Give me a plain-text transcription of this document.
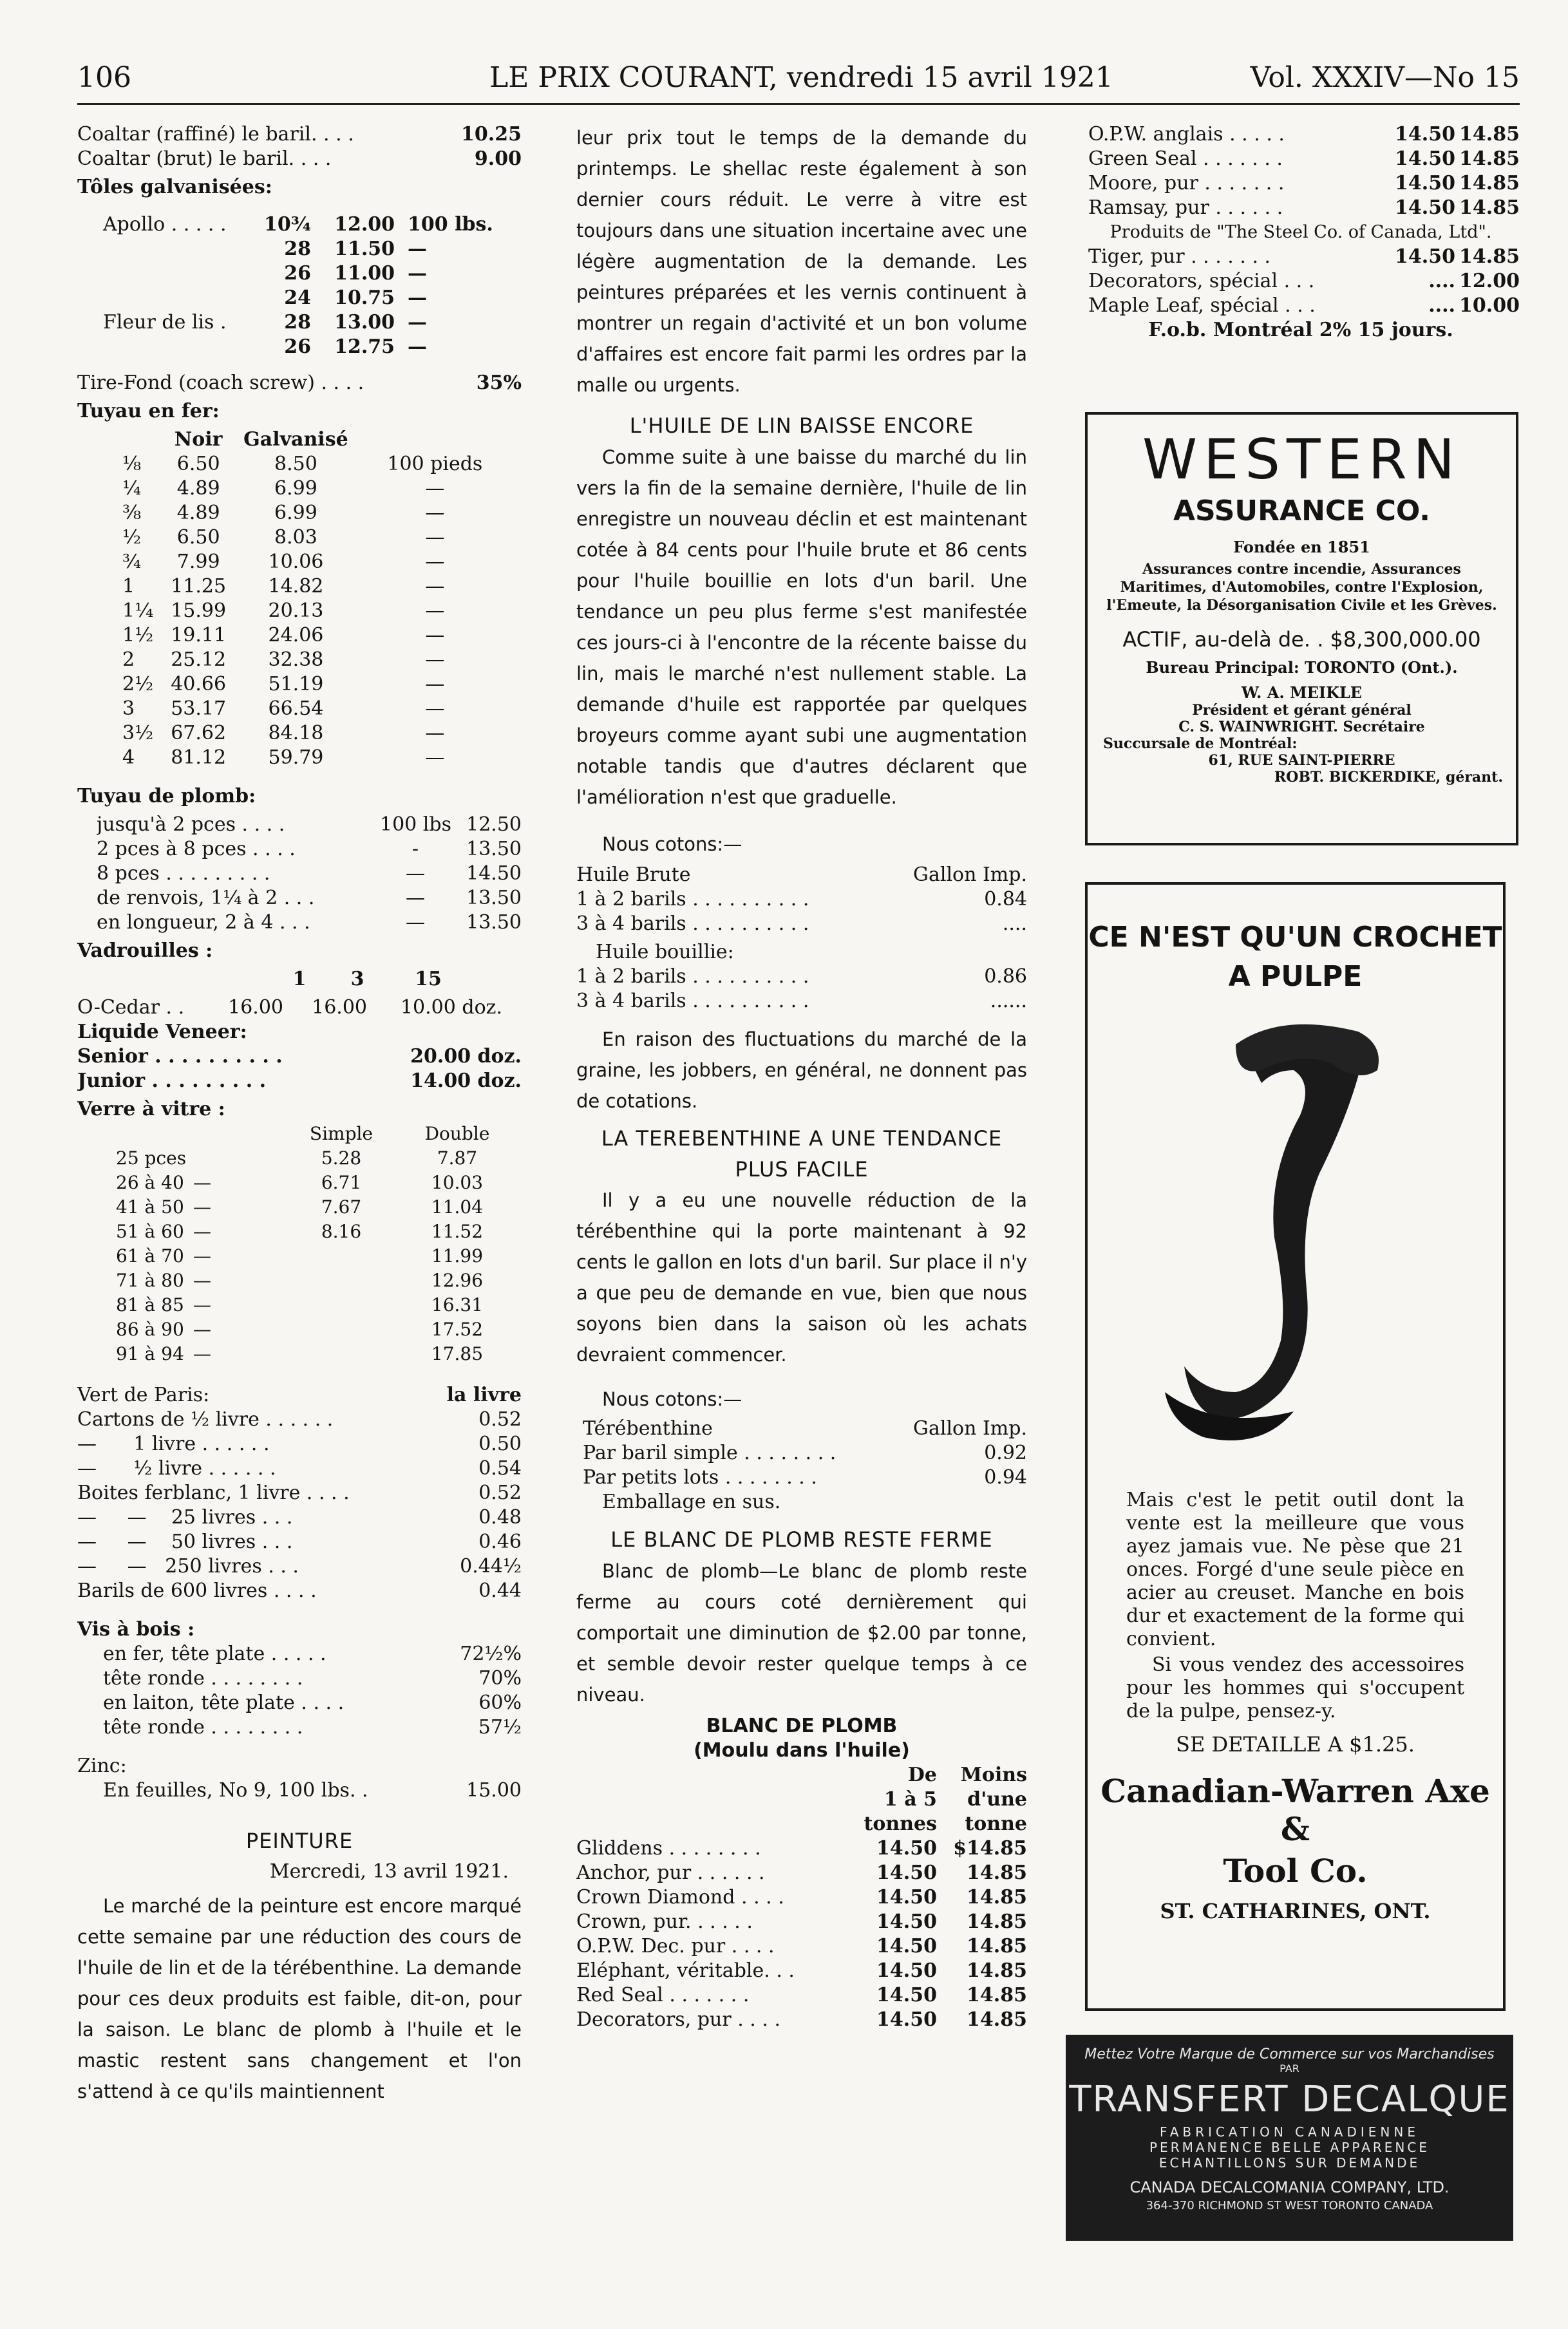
106	LE PRIX COURANT, vendredi 15 avril 1921	Vol. XXXIV—No 15
Coaltar (raffiné) le baril. . . .	10.25
Coaltar (brut) le baril. . . .	9.00
Tôles galvanisées:
Apollo . . . . .	10¾	12.00	100 lbs.
	28	11.50	—
	26	11.00	—
	24	10.75	—
Fleur de lis .	28	13.00	—
	26	12.75	—
Tire-Fond (coach screw) . . . .	35%
Tuyau en fer:
	Noir	Galvanisé	
⅛	6.50	8.50	100 pieds
¼	4.89	6.99	—
⅜	4.89	6.99	—
½	6.50	8.03	—
¾	7.99	10.06	—
1	11.25	14.82	—
1¼	15.99	20.13	—
1½	19.11	24.06	—
2	25.12	32.38	—
2½	40.66	51.19	—
3	53.17	66.54	—
3½	67.62	84.18	—
4	81.12	59.79	—
Tuyau de plomb:
jusqu'à 2 pces . . . .	100 lbs 12.50
2 pces à 8 pces . . . .	-	13.50
8 pces . . . . . . . . .	—	14.50
de renvois, 1¼ à 2 . . .	—	13.50
en longueur, 2 à 4 . . .	—	13.50
Vadrouilles :
1	3	15
O-Cedar . .	16.00	16.00	10.00 doz.
Liquide Veneer:
Senior . . . . . . . . . .	20.00 doz.
Junior . . . . . . . . .	14.00 doz.
Verre à vitre :
		Simple	Double
25 pces		5.28	7.87
26 à 40	—	6.71	10.03
41 à 50	—	7.67	11.04
51 à 60	—	8.16	11.52
61 à 70	—		11.99
71 à 80	—		12.96
81 à 85	—		16.31
86 à 90	—		17.52
91 à 94	—		17.85
Vert de Paris:	la livre
Cartons de ½ livre . . . . . .	0.52
—      1 livre . . . . . .	0.50
—      ½ livre . . . . . .	0.54
Boites ferblanc, 1 livre . . . .	0.52
—     —    25 livres . . .	0.48
—     —    50 livres . . .	0.46
—     —   250 livres . . .	0.44½
Barils de 600 livres . . . .	0.44
Vis à bois :
en fer, tête plate . . . . .	72½%
tête ronde . . . . . . . .	70%
en laiton, tête plate . . . .	60%
tête ronde . . . . . . . .	57½
Zinc:
En feuilles, No 9, 100 lbs. .	15.00
PEINTURE
Mercredi, 13 avril 1921.

Le marché de la peinture est encore marqué cette semaine par une réduction des cours de l'huile de lin et de la térébenthine. La demande pour ces deux produits est faible, dit-on, pour la saison. Le blanc de plomb à l'huile et le mastic restent sans changement et l'on s'attend à ce qu'ils maintiennent

leur prix tout le temps de la demande du printemps. Le shellac reste également à son dernier cours réduit. Le verre à vitre est toujours dans une situation incertaine avec une légère augmentation de la demande. Les peintures préparées et les vernis continuent à montrer un regain d'activité et un bon volume d'affaires est encore fait parmi les ordres par la malle ou urgents.

L'HUILE DE LIN BAISSE ENCORE

Comme suite à une baisse du marché du lin vers la fin de la semaine dernière, l'huile de lin enregistre un nouveau déclin et est maintenant cotée à 84 cents pour l'huile brute et 86 cents pour l'huile bouillie en lots d'un baril. Une tendance un peu plus ferme s'est manifestée ces jours-ci à l'encontre de la récente baisse du lin, mais le marché n'est nullement stable. La demande d'huile est rapportée par quelques broyeurs comme ayant subi une augmentation notable tandis que d'autres déclarent que l'amélioration n'est que graduelle.

Nous cotons:—
Huile Brute	Gallon Imp.
1 à 2 barils . . . . . . . . . .	0.84
3 à 4 barils . . . . . . . . . .	....
Huile bouillie:
1 à 2 barils . . . . . . . . . .	0.86
3 à 4 barils . . . . . . . . . .	......

En raison des fluctuations du marché de la graine, les jobbers, en général, ne donnent pas de cotations.

LA TEREBENTHINE A UNE TENDANCE PLUS FACILE

Il y a eu une nouvelle réduction de la térébenthine qui la porte maintenant à 92 cents le gallon en lots d'un baril. Sur place il n'y a que peu de demande en vue, bien que nous soyons bien dans la saison où les achats devraient commencer.

Nous cotons:—
Térébenthine	Gallon Imp.
Par baril simple . . . . . . . .	0.92
Par petits lots . . . . . . . .	0.94
Emballage en sus.
LE BLANC DE PLOMB RESTE FERME

Blanc de plomb—Le blanc de plomb reste ferme au cours coté dernièrement qui comportait une diminution de $2.00 par tonne, et semble devoir rester quelque temps à ce niveau.

BLANC DE PLOMB
(Moulu dans l'huile)
	De	Moins
	1 à 5	d'une
	tonnes	tonne
Gliddens . . . . . . . .	14.50	$14.85
Anchor, pur . . . . . .	14.50	14.85
Crown Diamond . . . .	14.50	14.85
Crown, pur. . . . . .	14.50	14.85
O.P.W. Dec. pur . . . .	14.50	14.85
Eléphant, véritable. . .	14.50	14.85
Red Seal . . . . . . .	14.50	14.85
Decorators, pur . . . .	14.50	14.85
O.P.W. anglais . . . . .	14.50	14.85
Green Seal . . . . . . .	14.50	14.85
Moore, pur . . . . . . .	14.50	14.85
Ramsay, pur . . . . . .	14.50	14.85
Produits de "The Steel Co. of Canada, Ltd".
Tiger, pur . . . . . . .	14.50	14.85
Decorators, spécial . . .	....	12.00
Maple Leaf, spécial . . .	....	10.00
F.o.b. Montréal 2% 15 jours.
WESTERN
ASSURANCE CO.
Fondée en 1851
Assurances contre incendie, Assurances Maritimes, d'Automobiles, contre l'Explosion, l'Emeute, la Désorganisation Civile et les Grèves.
ACTIF, au-delà de. . $8,300,000.00
Bureau Principal: TORONTO (Ont.).
W. A. MEIKLE
Président et gérant général
C. S. WAINWRIGHT. Secrétaire
Succursale de Montréal:
61, RUE SAINT-PIERRE
ROBT. BICKERDIKE, gérant.
CE N'EST QU'UN CROCHET
A PULPE
Mais c'est le petit outil dont la vente est la meilleure que vous ayez jamais vue. Ne pèse que 21 onces. Forgé d'une seule pièce en acier au creuset. Manche en bois dur et exactement de la forme qui convient.
Si vous vendez des accessoires pour les hommes qui s'occupent de la pulpe, pensez-y.
SE DETAILLE A $1.25.
Canadian-Warren Axe &
Tool Co.
ST. CATHARINES, ONT.
Mettez Votre Marque de Commerce sur vos Marchandises
PAR
TRANSFERT DECALQUE
FABRICATION CANADIENNE
PERMANENCE BELLE APPARENCE
ECHANTILLONS SUR DEMANDE
CANADA DECALCOMANIA COMPANY, LTD.
364-370 RICHMOND ST WEST TORONTO CANADA
